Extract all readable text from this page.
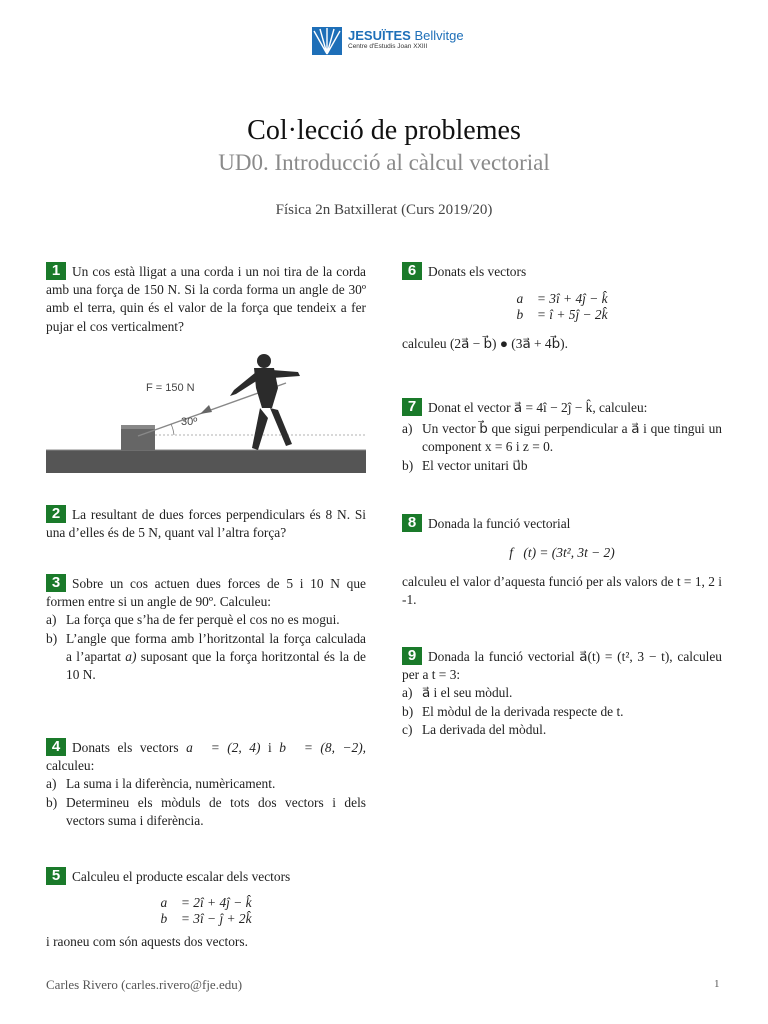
JESUÏTES Bellvitge
Centre d'Estudis Joan XXIII
Col·lecció de problemes
UD0. Introducció al càlcul vectorial
Física 2n Batxillerat (Curs 2019/20)
1 Un cos està lligat a una corda i un noi tira de la corda amb una força de 150 N. Si la corda forma un angle de 30º amb el terra, quin és el valor de la força que tendeix a fer pujar el cos verticalment?
F = 150 N
30º
2 La resultant de dues forces perpendiculars és 8 N. Si una d’elles és de 5 N, quant val l’altra força?
3 Sobre un cos actuen dues forces de 5 i 10 N que formen entre si un angle de 90º. Calculeu:
a) La força que s’ha de fer perquè el cos no es mogui.
b) L’angle que forma amb l’horitzontal la força calculada a l’apartat a) suposant que la força horitzontal és la de 10 N.
4 Donats els vectors a⃗ = (2, 4) i b⃗ = (8, −2), calculeu:
a) La suma i la diferència, numèricament.
b) Determineu els mòduls de tots dos vectors i dels vectors suma i diferència.
5 Calculeu el producte escalar dels vectors
a⃗ = 2î + 4ĵ − k̂
b⃗ = 3î − ĵ + 2k̂
i raoneu com són aquests dos vectors.
6 Donats els vectors
a⃗ = 3î + 4ĵ − k̂
b⃗ = î + 5ĵ − 2k̂
calculeu (2a⃗ − b⃗) ● (3a⃗ + 4b⃗).
7 Donat el vector a⃗ = 4î − 2ĵ − k̂, calculeu:
a) Un vector b⃗ que sigui perpendicular a a⃗ i que tingui un component x = 6 i z = 0.
b) El vector unitari u⃗b
8 Donada la funció vectorial
f⃗(t) = (3t², 3t − 2)
calculeu el valor d’aquesta funció per als valors de t = 1, 2 i -1.
9 Donada la funció vectorial a⃗(t) = (t², 3 − t), calculeu per a t = 3:
a) a⃗ i el seu mòdul.
b) El mòdul de la derivada respecte de t.
c) La derivada del mòdul.
Carles Rivero (carles.rivero@fje.edu)	1
